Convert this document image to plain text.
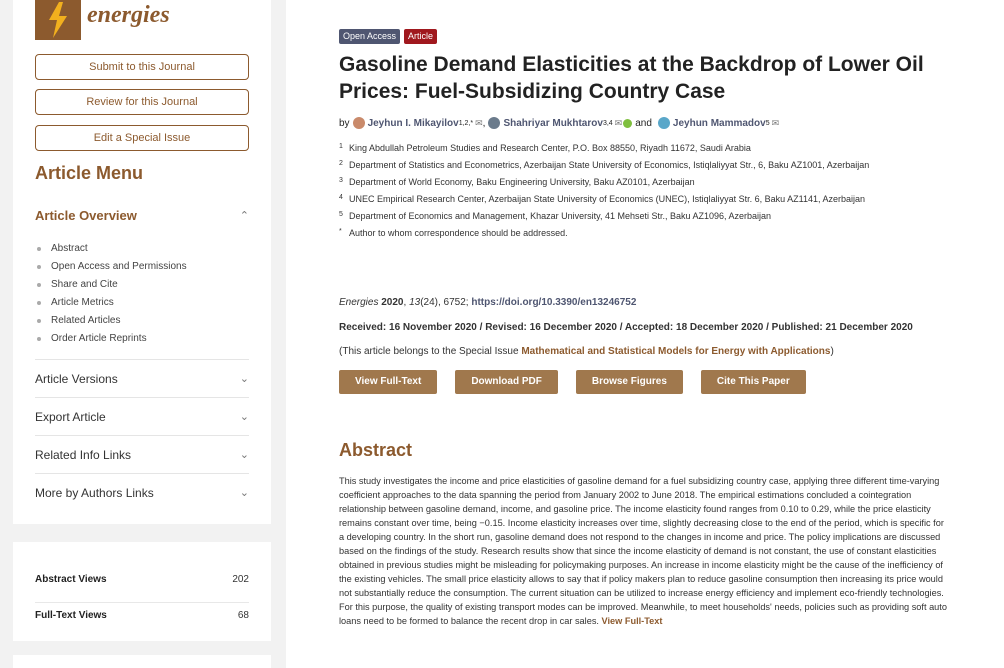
energies
Submit to this Journal
Review for this Journal
Edit a Special Issue
Article Menu
Article Overview	⌃
Abstract
Open Access and Permissions
Share and Cite
Article Metrics
Related Articles
Order Article Reprints
Article Versions	⌄
Export Article	⌄
Related Info Links	⌄
More by Authors Links	⌄
Abstract Views	202
Full-Text Views	68
Open Access	Article
Gasoline Demand Elasticities at the Backdrop of Lower Oil Prices: Fuel-Subsidizing Country Case
by Jeyhun I. Mikayilov 1,2,* ✉ , Shahriyar Mukhtarov 3,4 ✉ and Jeyhun Mammadov 5 ✉
1 King Abdullah Petroleum Studies and Research Center, P.O. Box 88550, Riyadh 11672, Saudi Arabia
2 Department of Statistics and Econometrics, Azerbaijan State University of Economics, Istiqlaliyyat Str., 6, Baku AZ1001, Azerbaijan
3 Department of World Economy, Baku Engineering University, Baku AZ0101, Azerbaijan
4 UNEC Empirical Research Center, Azerbaijan State University of Economics (UNEC), Istiqlaliyyat Str. 6, Baku AZ1141, Azerbaijan
5 Department of Economics and Management, Khazar University, 41 Mehseti Str., Baku AZ1096, Azerbaijan
* Author to whom correspondence should be addressed.
Energies 2020, 13(24), 6752; https://doi.org/10.3390/en13246752
Received: 16 November 2020 / Revised: 16 December 2020 / Accepted: 18 December 2020 / Published: 21 December 2020
(This article belongs to the Special Issue Mathematical and Statistical Models for Energy with Applications)
View Full-Text	Download PDF	Browse Figures	Cite This Paper
Abstract

This study investigates the income and price elasticities of gasoline demand for a fuel subsidizing country case, applying three different time-varying coefficient approaches to the data spanning the period from January 2002 to June 2018. The empirical estimations concluded a cointegration relationship between gasoline demand, income, and gasoline price. The income elasticity found ranges from 0.10 to 0.29, while the price elasticity remains constant over time, being −0.15. Income elasticity increases over time, slightly decreasing close to the end of the period, which is specific for a developing country. In the short run, gasoline demand does not respond to the changes in income and price. The policy implications are discussed based on the findings of the study. Research results show that since the income elasticity of demand is not constant, the use of constant elasticities obtained in previous studies might be misleading for policymaking purposes. An increase in income elasticity might be the cause of the inefficiency of the existing vehicles. The small price elasticity allows to say that if policy makers plan to reduce gasoline consumption then increasing its price would not substantially reduce the consumption. The current situation can be utilized to increase energy efficiency and implement eco-friendly technologies. For this purpose, the quality of existing transport modes can be improved. Meanwhile, to meet households' needs, policies such as providing soft auto loans need to be formed to balance the recent drop in car sales. View Full-Text
